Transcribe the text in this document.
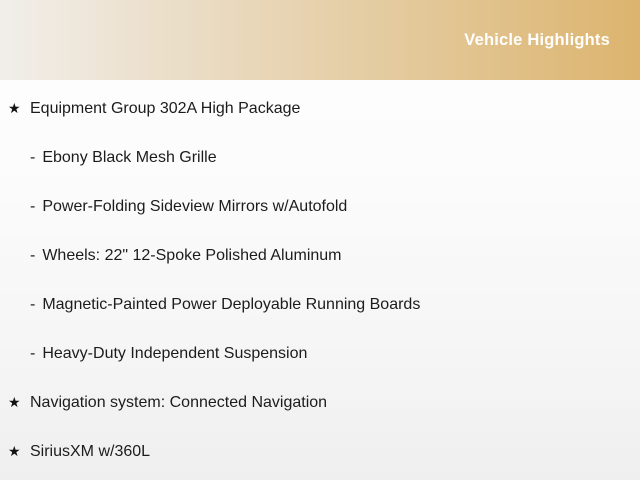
Vehicle Highlights
★ Equipment Group 302A High Package
- Ebony Black Mesh Grille
- Power-Folding Sideview Mirrors w/Autofold
- Wheels: 22" 12-Spoke Polished Aluminum
- Magnetic-Painted Power Deployable Running Boards
- Heavy-Duty Independent Suspension
★ Navigation system: Connected Navigation
★ SiriusXM w/360L
